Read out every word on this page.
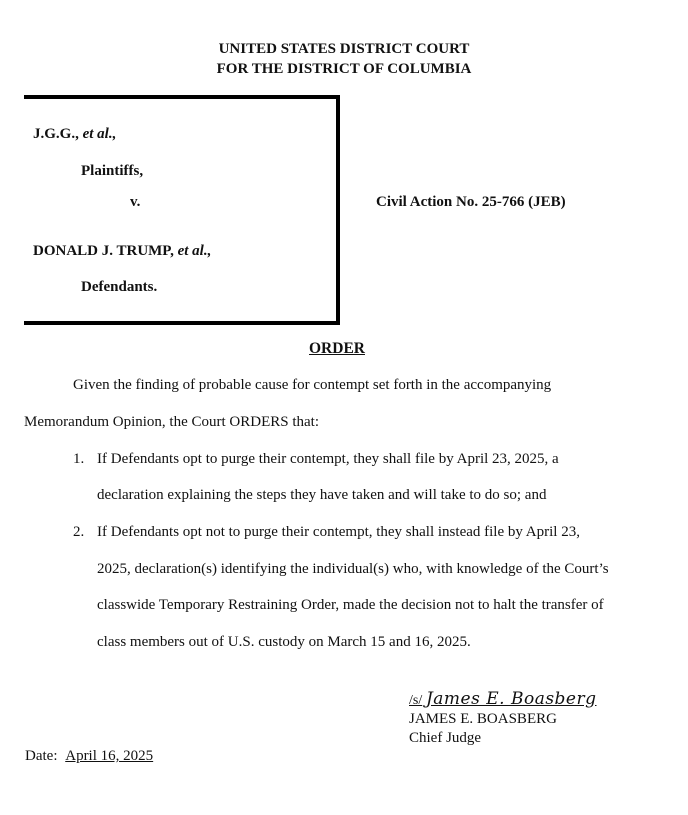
UNITED STATES DISTRICT COURT
FOR THE DISTRICT OF COLUMBIA
J.G.G., et al.,
Plaintiffs,
v.
DONALD J. TRUMP, et al.,
Defendants.
Civil Action No. 25-766 (JEB)
ORDER
Given the finding of probable cause for contempt set forth in the accompanying
Memorandum Opinion, the Court ORDERS that:
1. If Defendants opt to purge their contempt, they shall file by April 23, 2025, a
declaration explaining the steps they have taken and will take to do so; and
2. If Defendants opt not to purge their contempt, they shall instead file by April 23,
2025, declaration(s) identifying the individual(s) who, with knowledge of the Court’s
classwide Temporary Restraining Order, made the decision not to halt the transfer of
class members out of U.S. custody on March 15 and 16, 2025.
/s/ James E. Boasberg
JAMES E. BOASBERG
Chief Judge
Date: April 16, 2025
